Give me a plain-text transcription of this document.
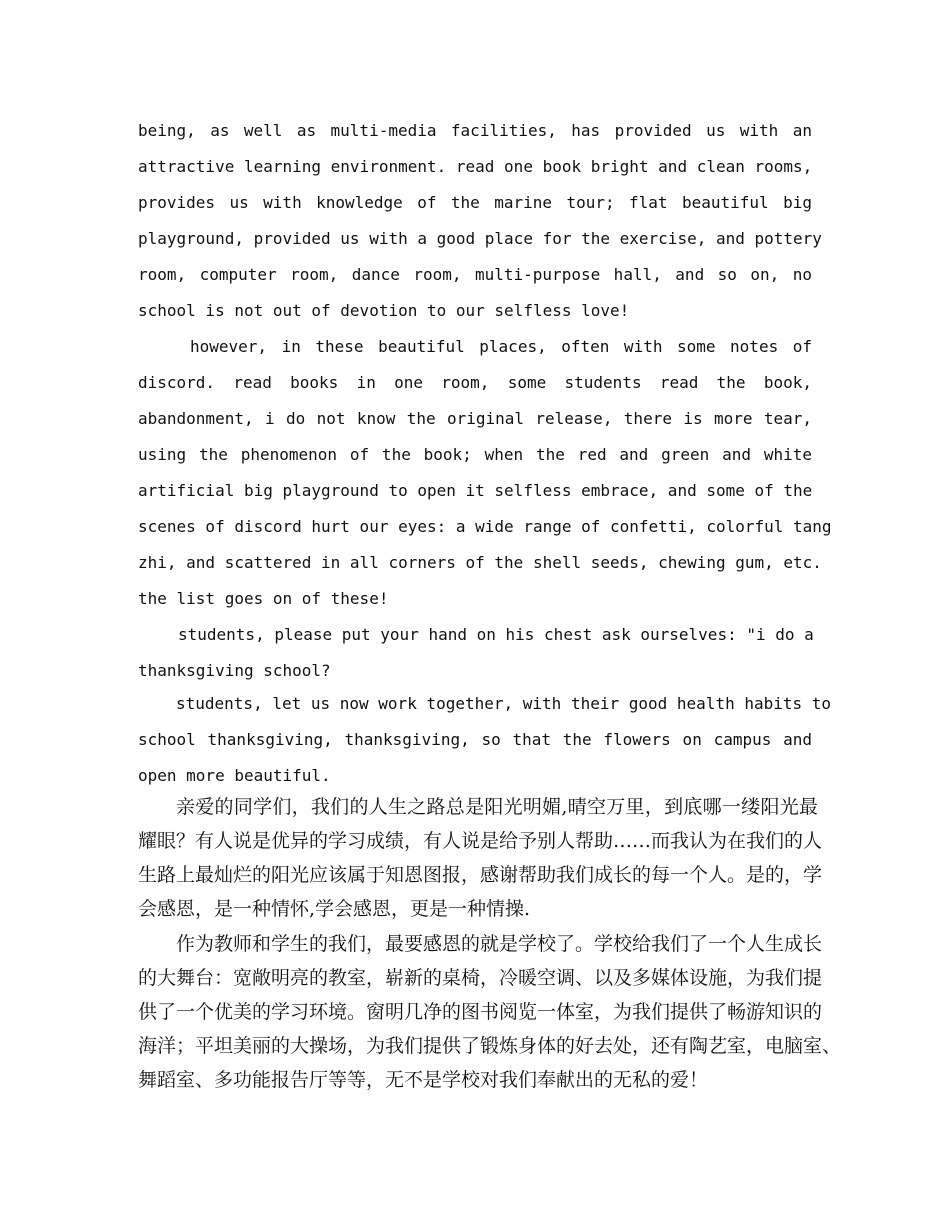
being, as well as multi-media facilities, has provided us with an
attractive learning environment. read one book bright and clean rooms,
provides us with knowledge of the marine tour; flat beautiful big
playground, provided us with a good place for the exercise, and pottery
room, computer room, dance room, multi-purpose hall, and so on, no
school is not out of devotion to our selfless love!
however, in these beautiful places, often with some notes of
discord. read books in one room, some students read the book,
abandonment, i do not know the original release, there is more tear,
using the phenomenon of the book; when the red and green and white
artificial big playground to open it selfless embrace, and some of the
scenes of discord hurt our eyes: a wide range of confetti, colorful tang
zhi, and scattered in all corners of the shell seeds, chewing gum, etc.
the list goes on of these!
students, please put your hand on his chest ask ourselves: "i do a
thanksgiving school?
students, let us now work together, with their good health habits to
school thanksgiving, thanksgiving, so that the flowers on campus and
open more beautiful.
亲爱的同学们，我们的人生之路总是阳光明媚,晴空万里，到底哪一缕阳光最
耀眼？有人说是优异的学习成绩，有人说是给予别人帮助……而我认为在我们的人
生路上最灿烂的阳光应该属于知恩图报，感谢帮助我们成长的每一个人。是的，学
会感恩，是一种情怀,学会感恩，更是一种情操.
作为教师和学生的我们，最要感恩的就是学校了。学校给我们了一个人生成长
的大舞台：宽敞明亮的教室，崭新的桌椅，冷暖空调、以及多媒体设施，为我们提
供了一个优美的学习环境。窗明几净的图书阅览一体室，为我们提供了畅游知识的
海洋；平坦美丽的大操场，为我们提供了锻炼身体的好去处，还有陶艺室，电脑室、
舞蹈室、多功能报告厅等等，无不是学校对我们奉献出的无私的爱！
